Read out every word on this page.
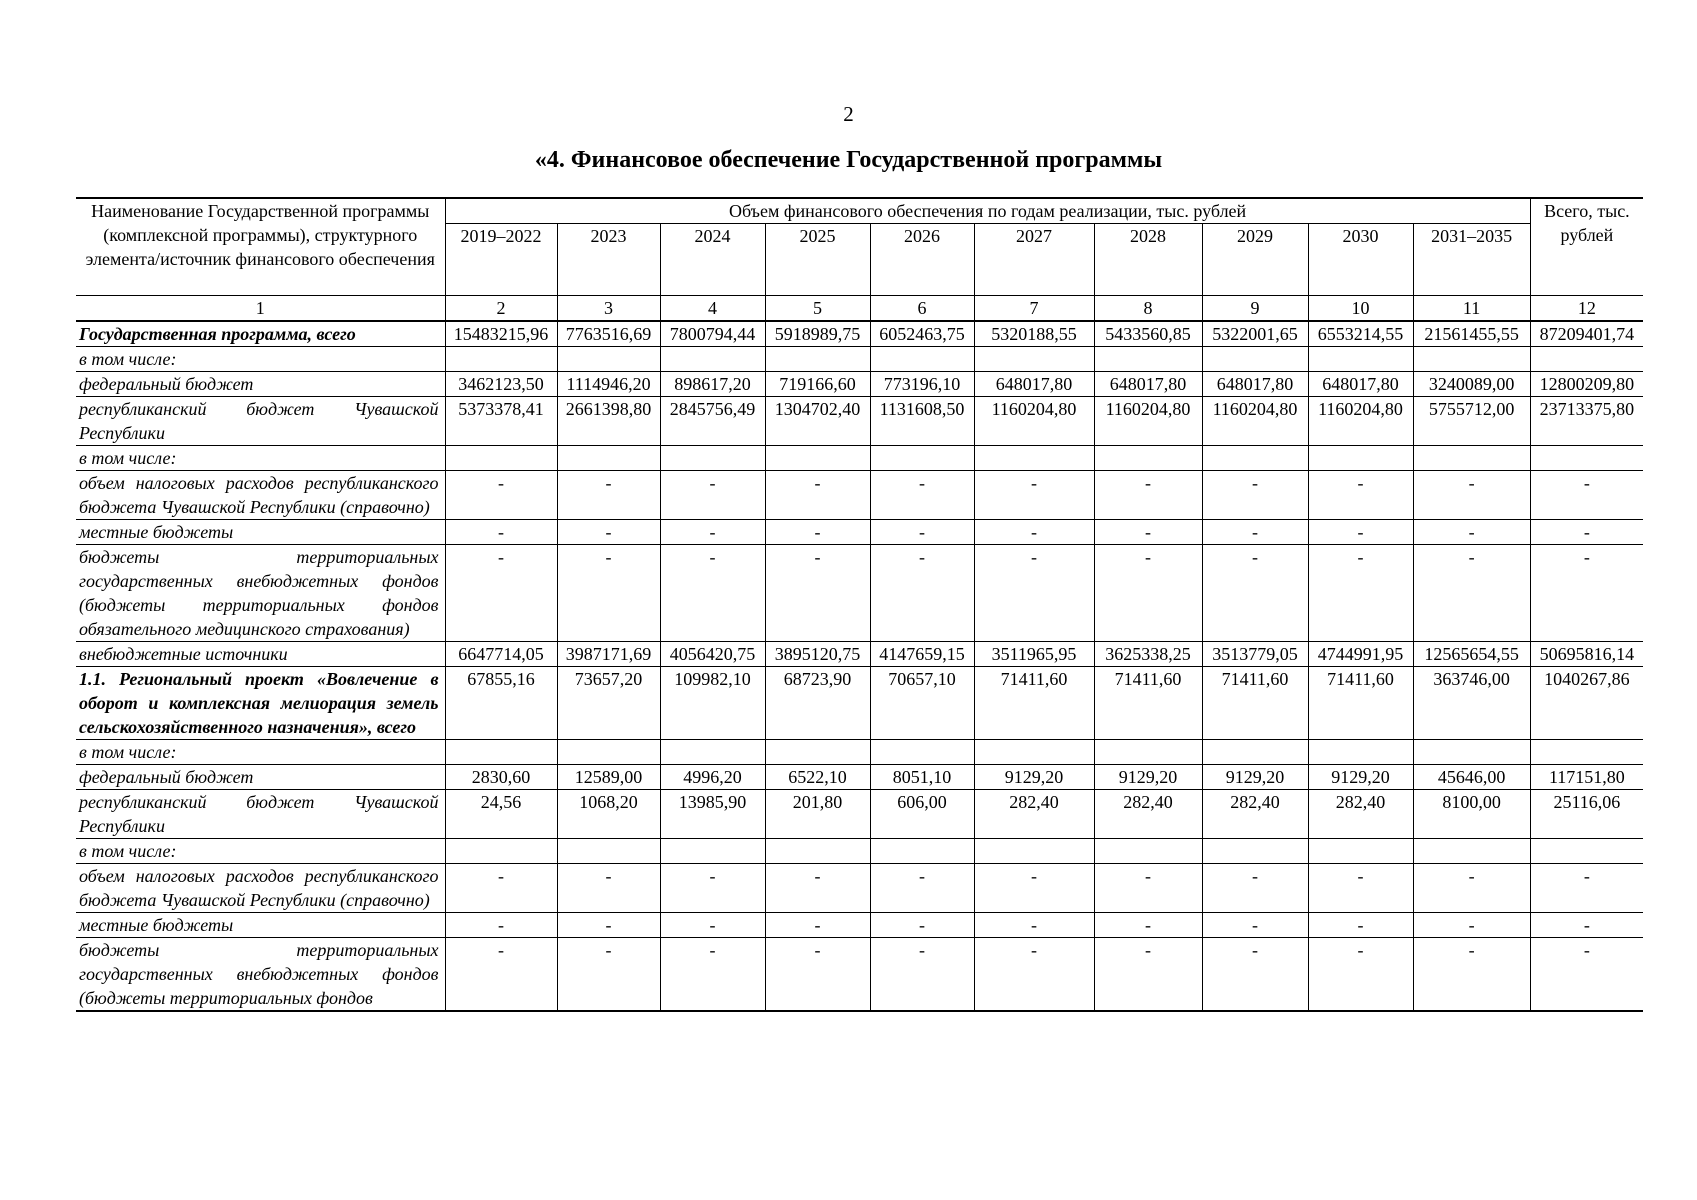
2
«4. Финансовое обеспечение Государственной программы
Наименование Государственной программы (комплексной программы), структурного элемента/источник финансового обеспечения	Объем финансового обеспечения по годам реализации, тыс. рублей										Всего, тыс. рублей
	2019–2022	2023	2024	2025	2026	2027	2028	2029	2030	2031–2035	
1	2	3	4	5	6	7	8	9	10	11	12
Государственная программа, всего	15483215,96	7763516,69	7800794,44	5918989,75	6052463,75	5320188,55	5433560,85	5322001,65	6553214,55	21561455,55	87209401,74
в том числе:											
федеральный бюджет	3462123,50	1114946,20	898617,20	719166,60	773196,10	648017,80	648017,80	648017,80	648017,80	3240089,00	12800209,80
республиканский бюджет Чувашской Республики	5373378,41	2661398,80	2845756,49	1304702,40	1131608,50	1160204,80	1160204,80	1160204,80	1160204,80	5755712,00	23713375,80
в том числе:											
объем налоговых расходов республиканского бюджета Чувашской Республики (справочно)	-	-	-	-	-	-	-	-	-	-	-
местные бюджеты	-	-	-	-	-	-	-	-	-	-	-
бюджеты территориальных государственных внебюджетных фондов (бюджеты территориальных фондов обязательного медицинского страхования)	-	-	-	-	-	-	-	-	-	-	-
внебюджетные источники	6647714,05	3987171,69	4056420,75	3895120,75	4147659,15	3511965,95	3625338,25	3513779,05	4744991,95	12565654,55	50695816,14
1.1. Региональный проект «Вовлечение в оборот и комплексная мелиорация земель сельскохозяйственного назначения», всего	67855,16	73657,20	109982,10	68723,90	70657,10	71411,60	71411,60	71411,60	71411,60	363746,00	1040267,86
в том числе:											
федеральный бюджет	2830,60	12589,00	4996,20	6522,10	8051,10	9129,20	9129,20	9129,20	9129,20	45646,00	117151,80
республиканский бюджет Чувашской Республики	24,56	1068,20	13985,90	201,80	606,00	282,40	282,40	282,40	282,40	8100,00	25116,06
в том числе:											
объем налоговых расходов республиканского бюджета Чувашской Республики (справочно)	-	-	-	-	-	-	-	-	-	-	-
местные бюджеты	-	-	-	-	-	-	-	-	-	-	-
бюджеты территориальных государственных внебюджетных фондов (бюджеты территориальных фондов	-	-	-	-	-	-	-	-	-	-	-
